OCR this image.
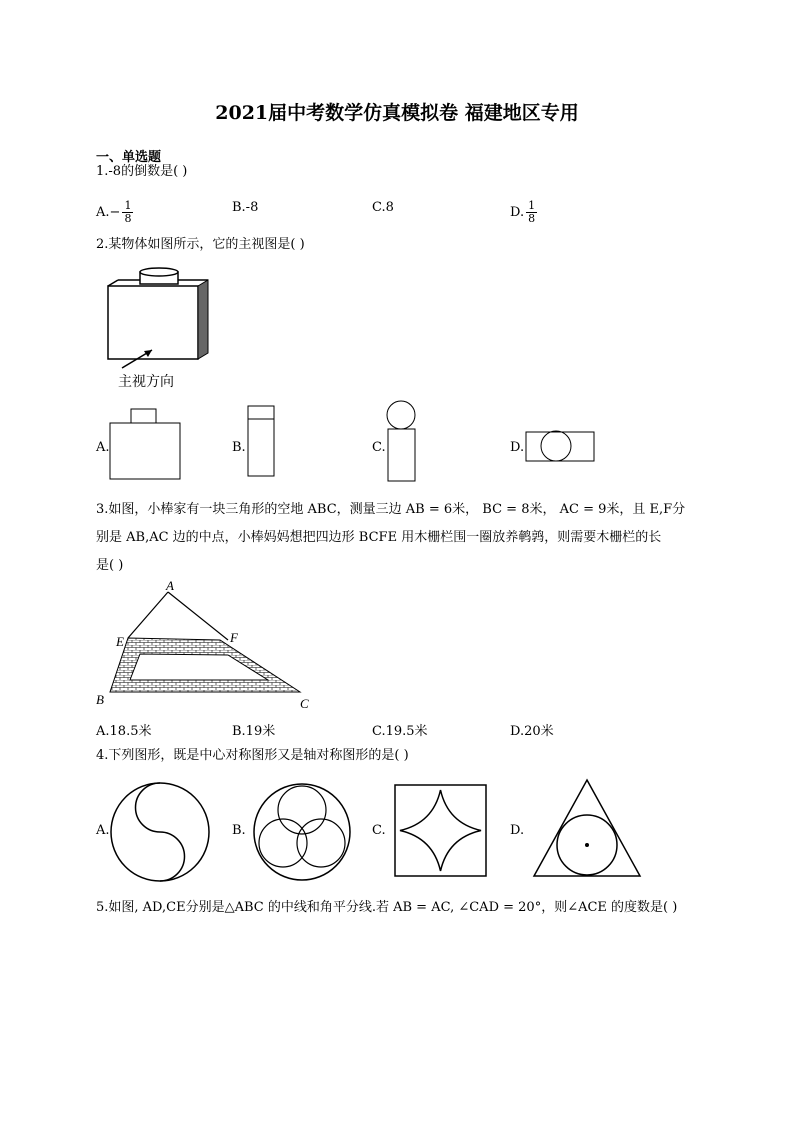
2021届中考数学仿真模拟卷 福建地区专用
一、单选题
1.-8的倒数是( )
$A.- \frac{1}{8}$	B.-8	C.8	D. $\frac{1}{8}$
2.某物体如图所示，它的主视图是( )
主视方向
A.	B.	C.	D.
3.如图，小棒家有一块三角形的空地 ABC，测量三边 AB = 6米， BC = 8米， AC = 9米，且 E,F分
别是 AB,AC 边的中点，小棒妈妈想把四边形 BCFE 用木栅栏围一圈放养鹌鹑，则需要木栅栏的长
是( )
A
E	F
B	C
A.18.5米	B.19米	C.19.5米	D.20米
4.下列图形，既是中心对称图形又是轴对称图形的是( )
A.	B.	C.	D.
5.如图, AD,CE分别是△ABC 的中线和角平分线.若 AB = AC, ∠CAD = 20°，则∠ACE 的度数是( )
